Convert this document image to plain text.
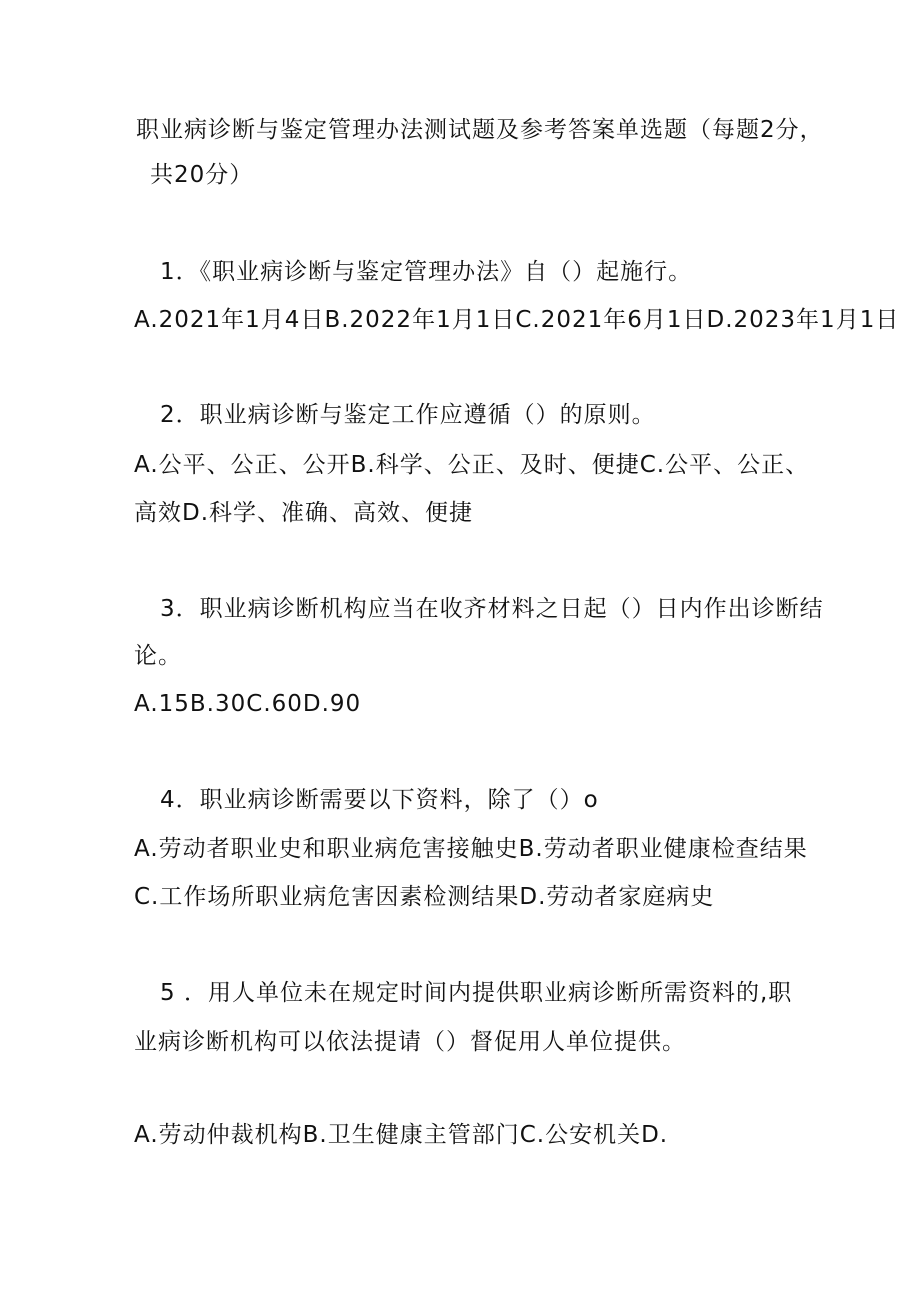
职业病诊断与鉴定管理办法测试题及参考答案单选题（每题2分，
共20分）
1．《职业病诊断与鉴定管理办法》自（）起施行。
A.2021年1月4日B.2022年1月1日C.2021年6月1日D.2023年1月1日
2．职业病诊断与鉴定工作应遵循（）的原则。
A.公平、公正、公开B.科学、公正、及时、便捷C.公平、公正、
高效D.科学、准确、高效、便捷
3．职业病诊断机构应当在收齐材料之日起（）日内作出诊断结
论。
A.15B.30C.60D.90
4．职业病诊断需要以下资料，除了（）o
A.劳动者职业史和职业病危害接触史B.劳动者职业健康检查结果
C.工作场所职业病危害因素检测结果D.劳动者家庭病史
5 ．用人单位未在规定时间内提供职业病诊断所需资料的,职
业病诊断机构可以依法提请（）督促用人单位提供。
A.劳动仲裁机构B.卫生健康主管部门C.公安机关D.
